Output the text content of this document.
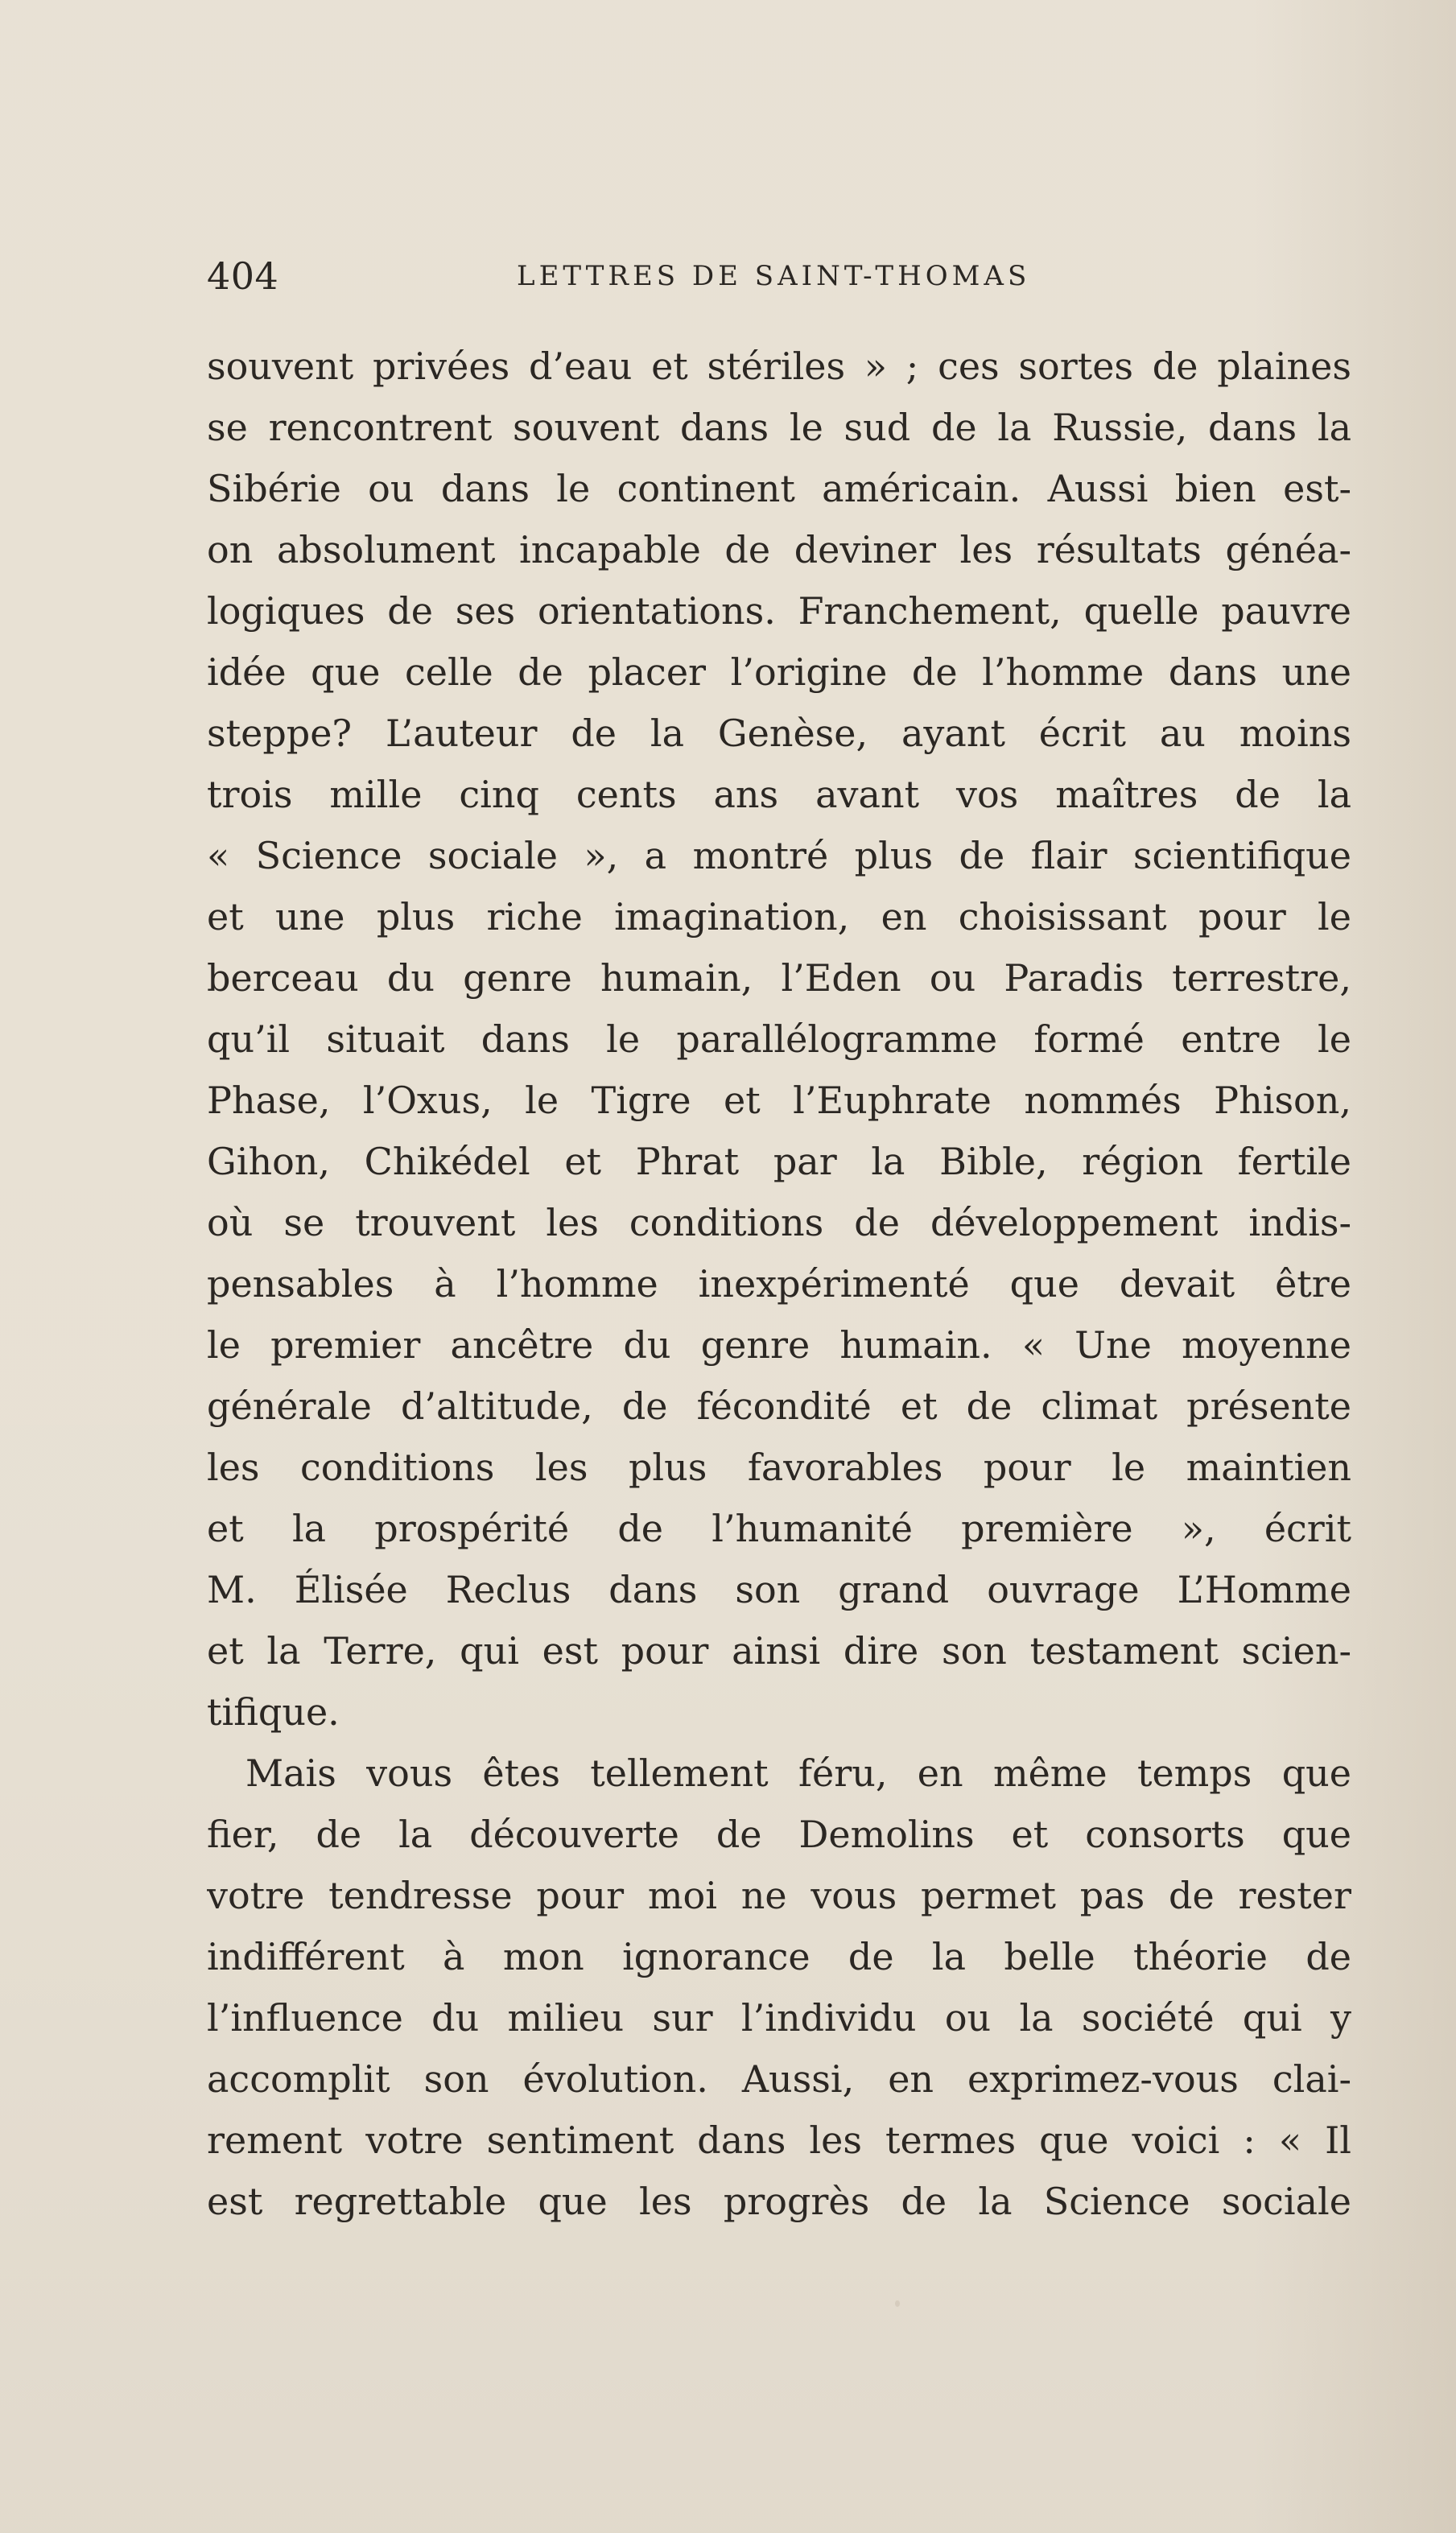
404	LETTRES DE SAINT-THOMAS
souvent privées d’eau et stériles » ; ces sortes de plaines
se rencontrent souvent dans le sud de la Russie, dans la
Sibérie ou dans le continent américain. Aussi bien est-
on absolument incapable de deviner les résultats généa-
logiques de ses orientations. Franchement, quelle pauvre
idée que celle de placer l’origine de l’homme dans une
steppe? L’auteur de la Genèse, ayant écrit au moins
trois mille cinq cents ans avant vos maîtres de la
« Science sociale », a montré plus de flair scientifique
et une plus riche imagination, en choisissant pour le
berceau du genre humain, l’Eden ou Paradis terrestre,
qu’il situait dans le parallélogramme formé entre le
Phase, l’Oxus, le Tigre et l’Euphrate nommés Phison,
Gihon, Chikédel et Phrat par la Bible, région fertile
où se trouvent les conditions de développement indis-
pensables à l’homme inexpérimenté que devait être
le premier ancêtre du genre humain. « Une moyenne
générale d’altitude, de fécondité et de climat présente
les conditions les plus favorables pour le maintien
et la prospérité de l’humanité première », écrit
M. Élisée Reclus dans son grand ouvrage L’Homme
et la Terre, qui est pour ainsi dire son testament scien-
tifique.
Mais vous êtes tellement féru, en même temps que
fier, de la découverte de Demolins et consorts que
votre tendresse pour moi ne vous permet pas de rester
indifférent à mon ignorance de la belle théorie de
l’influence du milieu sur l’individu ou la société qui y
accomplit son évolution. Aussi, en exprimez-vous clai-
rement votre sentiment dans les termes que voici : « Il
est regrettable que les progrès de la Science sociale
